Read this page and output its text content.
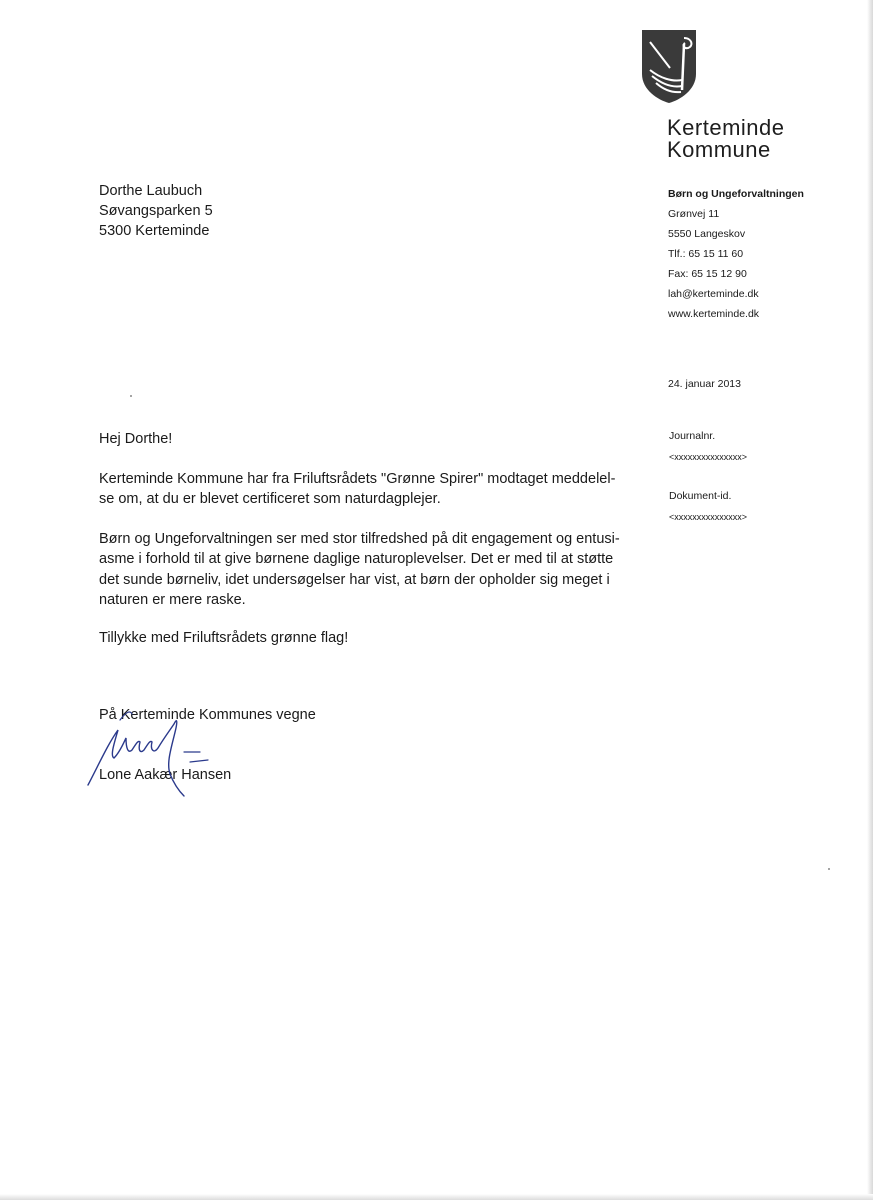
Kerteminde
Kommune
Dorthe Laubuch
Søvangsparken 5
5300 Kerteminde
Børn og Ungeforvaltningen
Grønvej 11
5550 Langeskov
Tlf.: 65 15 11 60
Fax: 65 15 12 90
lah@kerteminde.dk
www.kerteminde.dk
24. januar 2013
Journalnr.
<xxxxxxxxxxxxxxx>
Dokument-id.
<xxxxxxxxxxxxxxx>
Hej Dorthe!
Kerteminde Kommune har fra Friluftsrådets "Grønne Spirer" modtaget meddelel-
se om, at du er blevet certificeret som naturdagplejer.
Børn og Ungeforvaltningen ser med stor tilfredshed på dit engagement og entusi-
asme i forhold til at give børnene daglige naturoplevelser. Det er med til at støtte
det sunde børneliv, idet undersøgelser har vist, at børn der opholder sig meget i
naturen er mere raske.
Tillykke med Friluftsrådets grønne flag!
På Kerteminde Kommunes vegne
Lone Aakær Hansen
